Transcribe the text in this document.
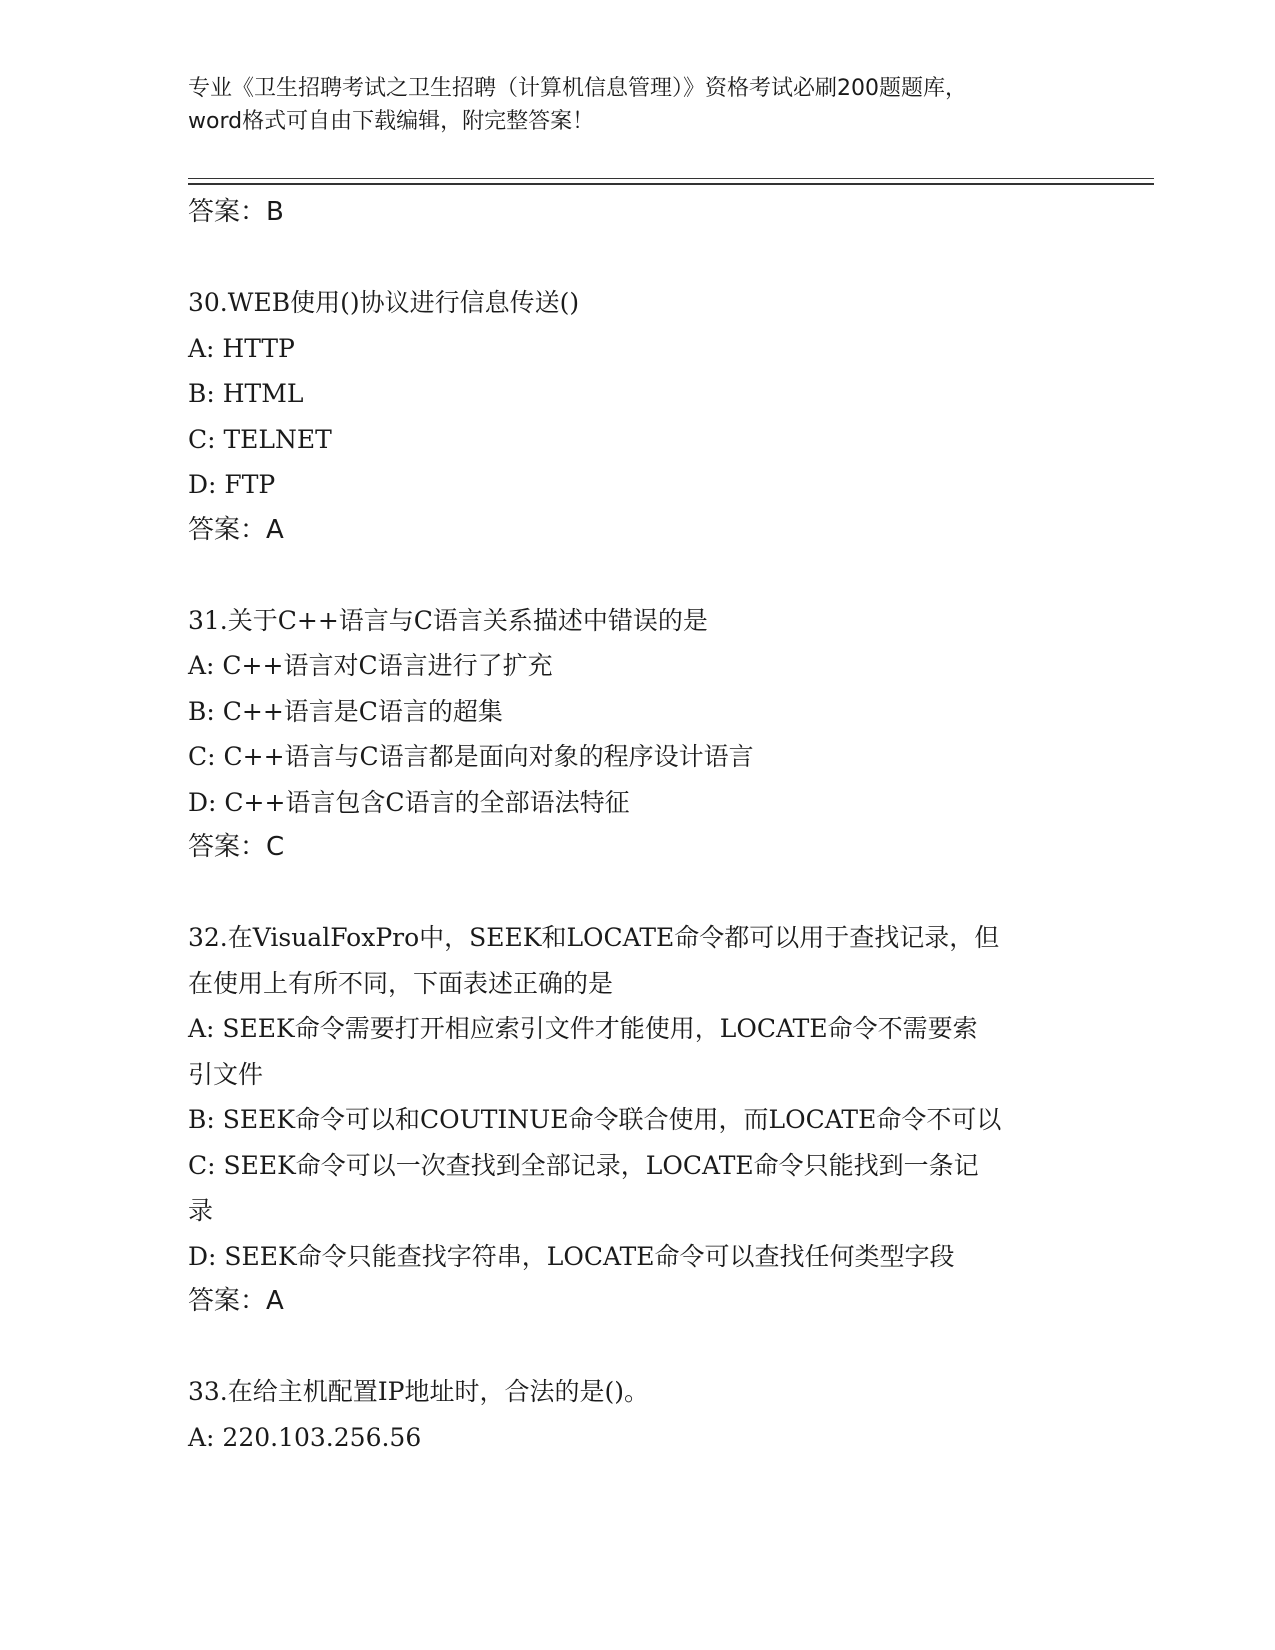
专业《卫生招聘考试之卫生招聘（计算机信息管理）》资格考试必刷200题题库，
word格式可自由下载编辑，附完整答案！
答案：B
30.WEB使用()协议进行信息传送()
A: HTTP
B: HTML
C: TELNET
D: FTP
答案：A
31.关于C++语言与C语言关系描述中错误的是
A: C++语言对C语言进行了扩充
B: C++语言是C语言的超集
C: C++语言与C语言都是面向对象的程序设计语言
D: C++语言包含C语言的全部语法特征
答案：C
32.在VisualFoxPro中，SEEK和LOCATE命令都可以用于查找记录，但
在使用上有所不同，下面表述正确的是
A: SEEK命令需要打开相应索引文件才能使用，LOCATE命令不需要索
引文件
B: SEEK命令可以和COUTINUE命令联合使用，而LOCATE命令不可以
C: SEEK命令可以一次查找到全部记录，LOCATE命令只能找到一条记
录
D: SEEK命令只能查找字符串，LOCATE命令可以查找任何类型字段
答案：A
33.在给主机配置IP地址时，合法的是()。
A: 220.103.256.56
